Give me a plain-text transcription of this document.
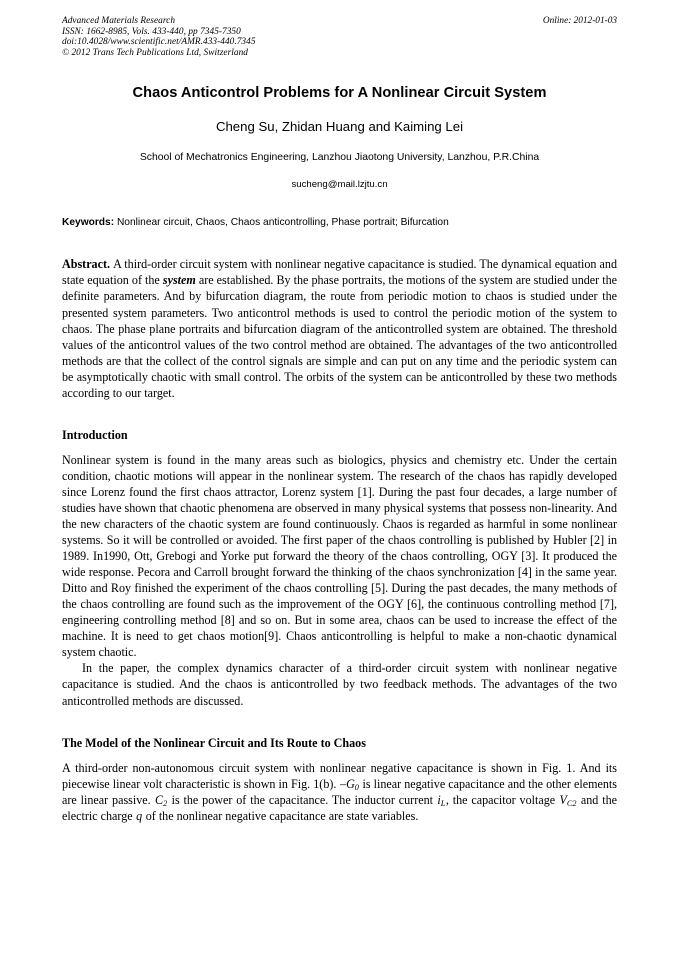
Advanced Materials Research
ISSN: 1662-8985, Vols. 433-440, pp 7345-7350
doi:10.4028/www.scientific.net/AMR.433-440.7345
© 2012 Trans Tech Publications Ltd, Switzerland
Online: 2012-01-03
Chaos Anticontrol Problems for A Nonlinear Circuit System

Cheng Su, Zhidan Huang and Kaiming Lei

School of Mechatronics Engineering, Lanzhou Jiaotong University, Lanzhou, P.R.China

sucheng@mail.lzjtu.cn

Keywords: Nonlinear circuit, Chaos, Chaos anticontrolling, Phase portrait; Bifurcation

Abstract. A third-order circuit system with nonlinear negative capacitance is studied. The dynamical equation and state equation of the system are established. By the phase portraits, the motions of the system are studied under the definite parameters. And by bifurcation diagram, the route from periodic motion to chaos is studied under the presented system parameters. Two anticontrol methods is used to control the periodic motion of the system to chaos. The phase plane portraits and bifurcation diagram of the anticontrolled system are obtained. The threshold values of the anticontrol values of the two control method are obtained. The advantages of the two anticontrolled methods are that the collect of the control signals are simple and can put on any time and the periodic system can be asymptotically chaotic with small control. The orbits of the system can be anticontrolled by these two methods according to our target.

Introduction

Nonlinear system is found in the many areas such as biologics, physics and chemistry etc. Under the certain condition, chaotic motions will appear in the nonlinear system. The research of the chaos has rapidly developed since Lorenz found the first chaos attractor, Lorenz system [1]. During the past four decades, a large number of studies have shown that chaotic phenomena are observed in many physical systems that possess non-linearity. And the new characters of the chaotic system are found continuously. Chaos is regarded as harmful in some nonlinear systems. So it will be controlled or avoided. The first paper of the chaos controlling is published by Hubler [2] in 1989. In1990, Ott, Grebogi and Yorke put forward the theory of the chaos controlling, OGY [3]. It produced the wide response. Pecora and Carroll brought forward the thinking of the chaos synchronization [4] in the same year. Ditto and Roy finished the experiment of the chaos controlling [5]. During the past decades, the many methods of the chaos controlling are found such as the improvement of the OGY [6], the continuous controlling method [7], engineering controlling method [8] and so on. But in some area, chaos can be used to increase the effect of the machine. It is need to get chaos motion[9]. Chaos anticontrolling is helpful to make a non-chaotic dynamical system chaotic.

In the paper, the complex dynamics character of a third-order circuit system with nonlinear negative capacitance is studied. And the chaos is anticontrolled by two feedback methods. The advantages of the two anticontrolled methods are discussed.

The Model of the Nonlinear Circuit and Its Route to Chaos

A third-order non-autonomous circuit system with nonlinear negative capacitance is shown in Fig. 1. And its piecewise linear volt characteristic is shown in Fig. 1(b). $-G_0$ is linear negative capacitance and the other elements are linear passive. $C_2$ is the power of the capacitance. The inductor current $i_L$, the capacitor voltage $V_{C2}$ and the electric charge q of the nonlinear negative capacitance are state variables.
